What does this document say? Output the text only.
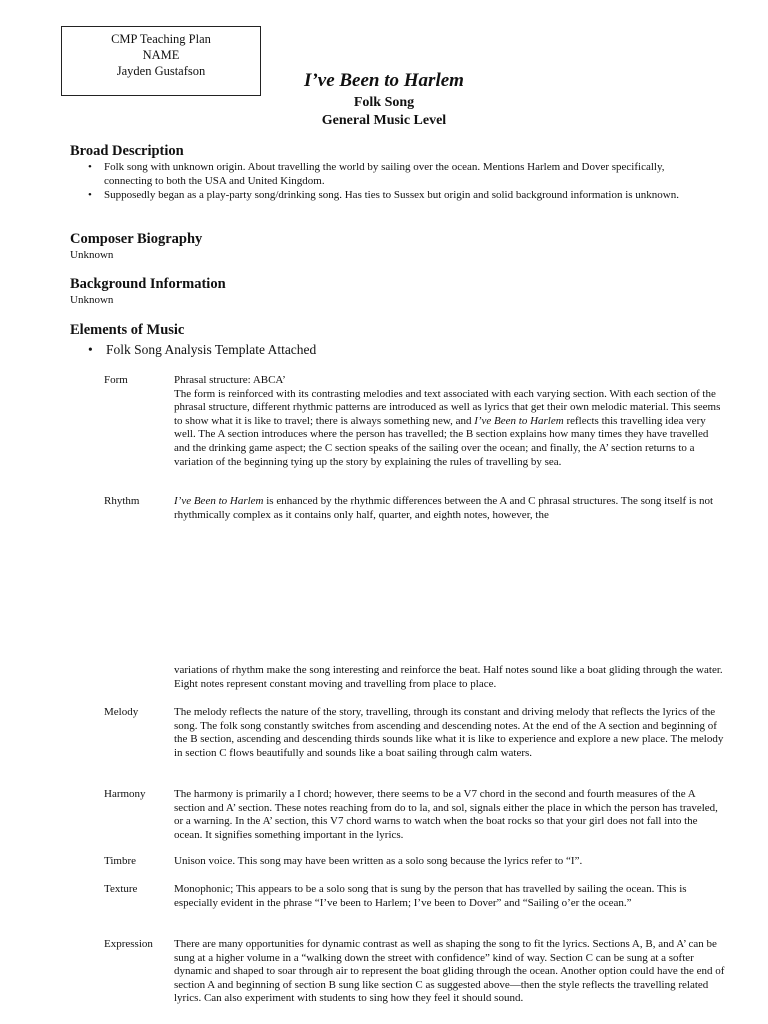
CMP Teaching Plan
NAME
Jayden Gustafson	I’ve Been to Harlem
Folk Song
General Music Level
Broad Description
• Folk song with unknown origin. About travelling the world by sailing over the ocean. Mentions Harlem and Dover specifically, connecting to both the USA and United Kingdom.
• Supposedly began as a play-party song/drinking song. Has ties to Sussex but origin and solid background information is unknown.
Composer Biography
Unknown
Background Information
Unknown
Elements of Music
• Folk Song Analysis Template Attached
Form	Phrasal structure: ABCA’
The form is reinforced with its contrasting melodies and text associated with each varying section. With each section of the phrasal structure, different rhythmic patterns are introduced as well as lyrics that get their own melodic material. This seems to show what it is like to travel; there is always something new, and I’ve Been to Harlem reflects this travelling idea very well. The A section introduces where the person has travelled; the B section explains how many times they have travelled and the drinking game aspect; the C section speaks of the sailing over the ocean; and finally, the A’ section returns to a variation of the beginning tying up the story by explaining the rules of travelling by sea.
Rhythm	I’ve Been to Harlem is enhanced by the rhythmic differences between the A and C phrasal structures. The song itself is not rhythmically complex as it contains only half, quarter, and eighth notes, however, the
variations of rhythm make the song interesting and reinforce the beat. Half notes sound like a boat gliding through the water. Eight notes represent constant moving and travelling from place to place.
Melody	The melody reflects the nature of the story, travelling, through its constant and driving melody that reflects the lyrics of the song. The folk song constantly switches from ascending and descending notes. At the end of the A section and beginning of the B section, ascending and descending thirds sounds like what it is like to experience and explore a new place. The melody in section C flows beautifully and sounds like a boat sailing through calm waters.
Harmony	The harmony is primarily a I chord; however, there seems to be a V7 chord in the second and fourth measures of the A section and A’ section. These notes reaching from do to la, and sol, signals either the place in which the person has traveled, or a warning. In the A’ section, this V7 chord warns to watch when the boat rocks so that your girl does not fall into the ocean. It signifies something important in the lyrics.
Timbre	Unison voice. This song may have been written as a solo song because the lyrics refer to “I”.
Texture	Monophonic; This appears to be a solo song that is sung by the person that has travelled by sailing the ocean. This is especially evident in the phrase “I’ve been to Harlem; I’ve been to Dover” and “Sailing o’er the ocean.”
Expression There are many opportunities for dynamic contrast as well as shaping the song to fit the lyrics. Sections A, B, and A’ can be sung at a higher volume in a “walking down the street with confidence” kind of way. Section C can be sung at a softer dynamic and shaped to soar through air to represent the boat gliding through the ocean. Another option could have the end of section A and beginning of section B sung like section C as suggested above—then the style reflects the travelling related lyrics. Can also experiment with students to sing how they feel it should sound.
